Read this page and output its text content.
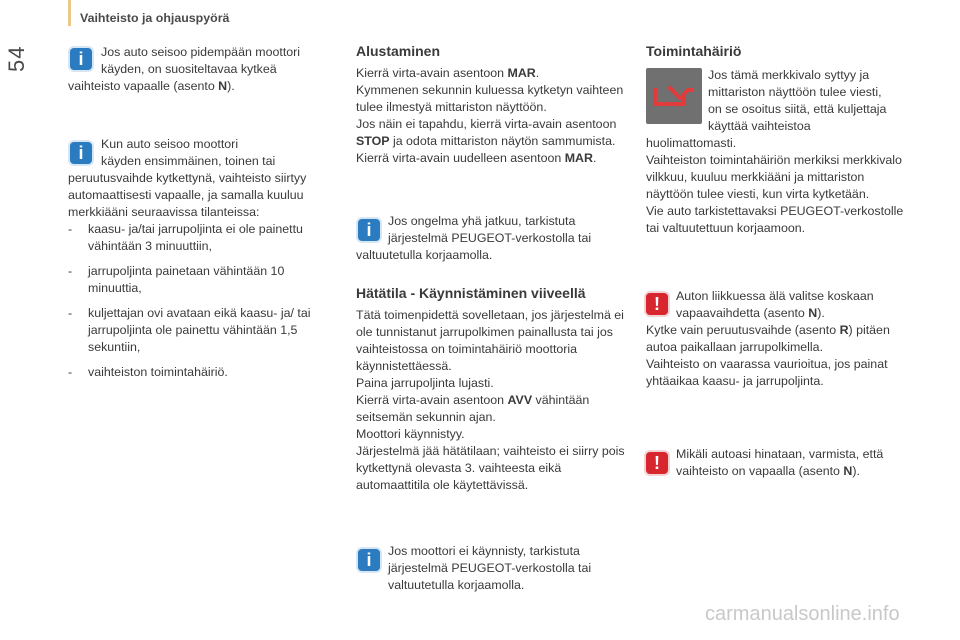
54
Vaihteisto ja ohjauspyörä
i	Jos auto seisoo pidempään moottori käyden, on suositeltavaa kytkeä

vaihteisto vapaalle (asento N).

i	Kun auto seisoo moottori

käyden ensimmäinen, toinen tai

peruutusvaihde kytkettynä, vaihteisto siirtyy automaattisesti vapaalle, ja samalla kuuluu merkkiääni seuraavissa tilanteissa:

- kaasu- ja/tai jarrupoljinta ei ole painettu vähintään 3 minuuttiin,
- jarrupoljinta painetaan vähintään 10 minuuttia,
- kuljettajan ovi avataan eikä kaasu- ja/ tai jarrupoljinta ole painettu vähintään 1,5 sekuntiin,
- vaihteiston toimintahäiriö.
Alustaminen

Kierrä virta-avain asentoon MAR.

Kymmenen sekunnin kuluessa kytketyn vaihteen tulee ilmestyä mittariston näyttöön.

Jos näin ei tapahdu, kierrä virta-avain asentoon STOP ja odota mittariston näytön sammumista.

Kierrä virta-avain uudelleen asentoon MAR.

i	Jos ongelma yhä jatkuu, tarkistuta järjestelmä PEUGEOT-verkostolla tai

valtuutetulla korjaamolla.

Hätätila - Käynnistäminen viiveellä

Tätä toimenpidettä sovelletaan, jos järjestelmä ei ole tunnistanut jarrupolkimen painallusta tai jos vaihteistossa on toimintahäiriö moottoria käynnistettäessä.

Paina jarrupoljinta lujasti.

Kierrä virta-avain asentoon AVV vähintään seitsemän sekunnin ajan.

Moottori käynnistyy.

Järjestelmä jää hätätilaan; vaihteisto ei siirry pois kytkettynä olevasta 3. vaihteesta eikä automaattitila ole käytettävissä.

i	Jos moottori ei käynnisty, tarkistuta järjestelmä PEUGEOT-verkostolla tai valtuutetulla korjaamolla.
Toimintahäiriö
Jos tämä merkkivalo syttyy ja mittariston näyttöön tulee viesti, on se osoitus siitä, että kuljettaja käyttää vaihteistoa

huolimattomasti.

Vaihteiston toimintahäiriön merkiksi merkkivalo vilkkuu, kuuluu merkkiääni ja mittariston näyttöön tulee viesti, kun virta kytketään.

Vie auto tarkistettavaksi PEUGEOT-verkostolle tai valtuutettuun korjaamoon.

!	Auton liikkuessa älä valitse koskaan vapaavaihdetta (asento N).

Kytke vain peruutusvaihde (asento R) pitäen autoa paikallaan jarrupolkimella.

Vaihteisto on vaarassa vaurioitua, jos painat yhtäaikaa kaasu- ja jarrupoljinta.

!	Mikäli autoasi hinataan, varmista, että vaihteisto on vapaalla (asento N).

carmanualsonline.info
